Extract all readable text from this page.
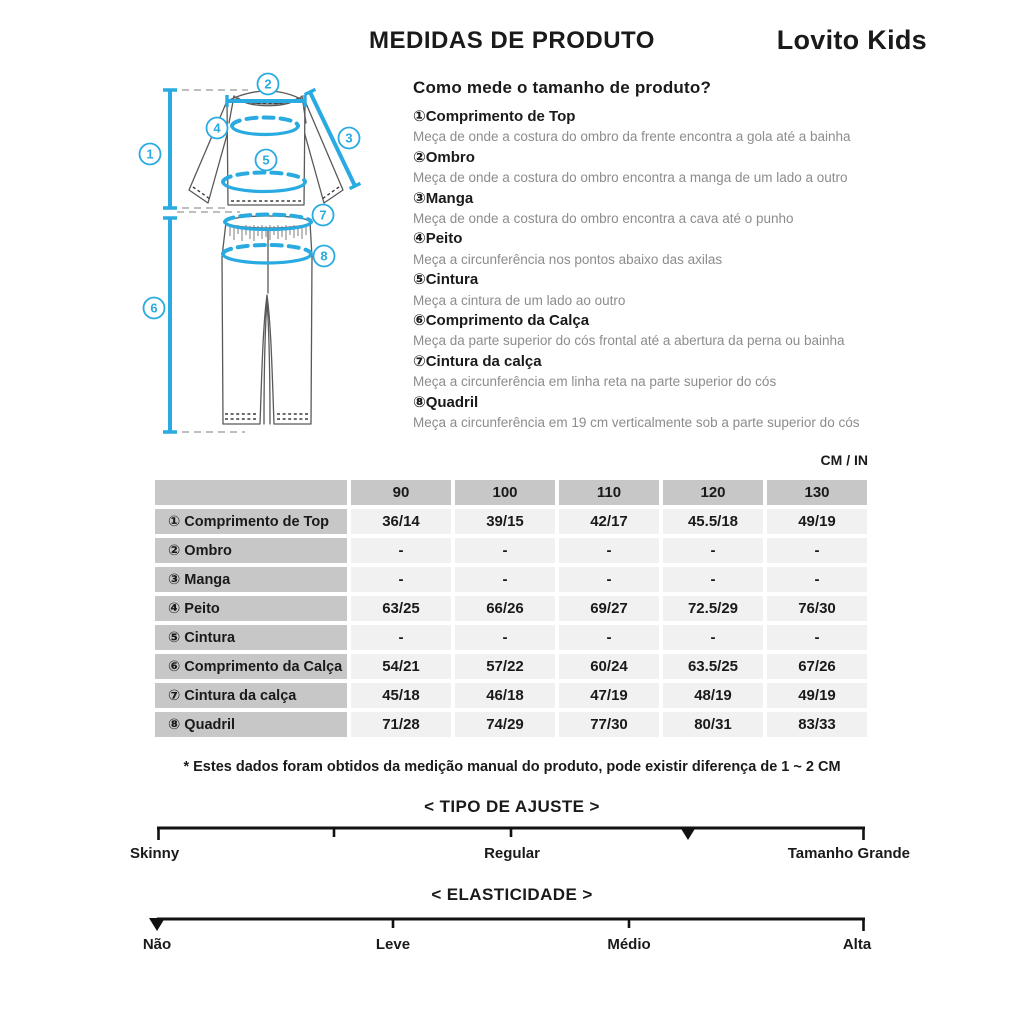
MEDIDAS DE PRODUTO	Lovito Kids
1
2
3
4
5
6
7
8
Como mede o tamanho de produto?
①Comprimento de Top
Meça de onde a costura do ombro da frente encontra a gola até a bainha
②Ombro
Meça de onde a costura do ombro encontra a manga de um lado a outro
③Manga
Meça de onde a costura do ombro encontra a cava até o punho
④Peito
Meça a circunferência nos pontos abaixo das axilas
⑤Cintura
Meça a cintura de um lado ao outro
⑥Comprimento da Calça
Meça da parte superior do cós frontal até a abertura da perna ou bainha
⑦Cintura da calça
Meça a circunferência em linha reta na parte superior do cós
⑧Quadril
Meça a circunferência em 19 cm verticalmente sob a parte superior do cós
CM / IN
	90	100	110	120	130
① Comprimento de Top	36/14	39/15	42/17	45.5/18	49/19
② Ombro	-	-	-	-	-
③ Manga	-	-	-	-	-
④ Peito	63/25	66/26	69/27	72.5/29	76/30
⑤ Cintura	-	-	-	-	-
⑥ Comprimento da Calça	54/21	57/22	60/24	63.5/25	67/26
⑦ Cintura da calça	45/18	46/18	47/19	48/19	49/19
⑧ Quadril	71/28	74/29	77/30	80/31	83/33
* Estes dados foram obtidos da medição manual do produto, pode existir diferença de 1 ~ 2 CM
< TIPO DE AJUSTE >
Skinny	Regular	Tamanho Grande
< ELASTICIDADE >
Não	Leve	Médio	Alta
